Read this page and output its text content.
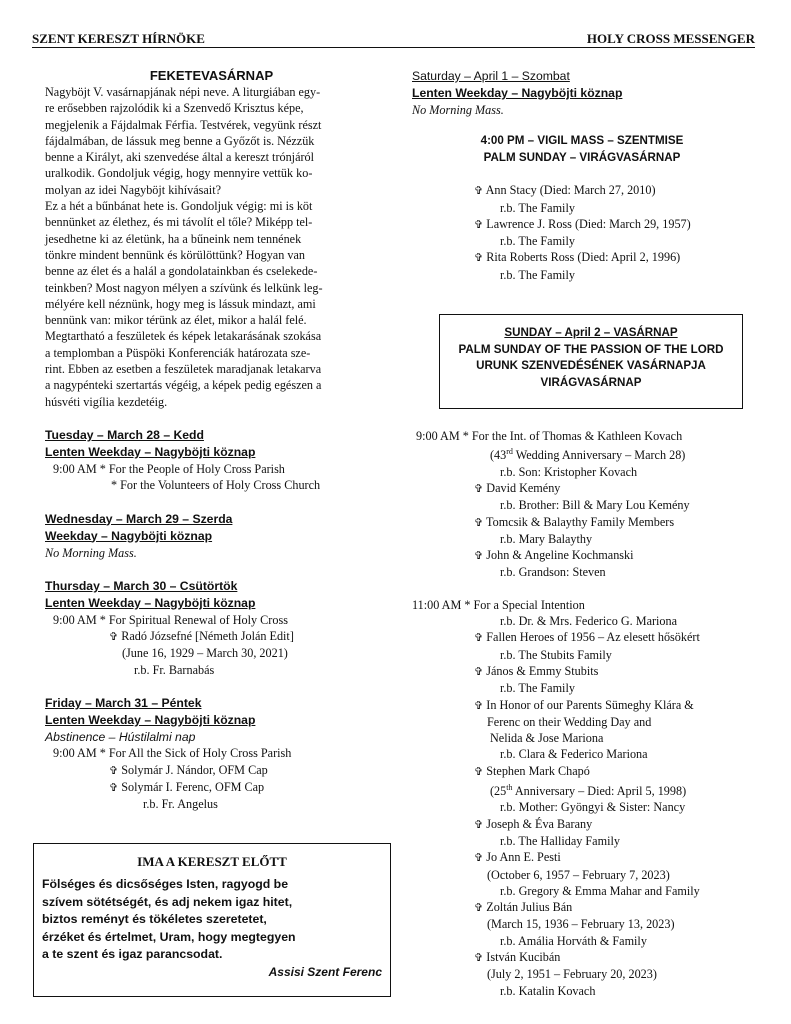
SZENT KERESZT HÍRNÖKE	HOLY CROSS MESSENGER
FEKETEVASÁRNAP
Nagyböjt V. vasárnapjának népi neve. A liturgiában egy-
re erősebben rajzolódik ki a Szenvedő Krisztus képe,
megjelenik a Fájdalmak Férfia. Testvérek, vegyünk részt
fájdalmában, de lássuk meg benne a Győzőt is. Nézzük
benne a Királyt, aki szenvedése által a kereszt trónjáról
uralkodik. Gondoljuk végig, hogy mennyire vettük ko-
molyan az idei Nagyböjt kihívásait?
Ez a hét a bűnbánat hete is. Gondoljuk végig: mi is köt
bennünket az élethez, és mi távolít el tőle? Miképp tel-
jesedhetne ki az életünk, ha a bűneink nem tennének
tönkre mindent bennünk és körülöttünk? Hogyan van
benne az élet és a halál a gondolatainkban és cselekede-
teinkben? Most nagyon mélyen a szívünk és lelkünk leg-
mélyére kell néznünk, hogy meg is lássuk mindazt, ami
bennünk van: mikor térünk az élet, mikor a halál felé.
Megtartható a feszületek és képek letakarásának szokása
a templomban a Püspöki Konferenciák határozata sze-
rint. Ebben az esetben a feszületek maradjanak letakarva
a nagypénteki szertartás végéig, a képek pedig egészen a
húsvéti vigília kezdetéig.
Tuesday – March 28 – Kedd
Lenten Weekday – Nagyböjti köznap
9:00 AM * For the People of Holy Cross Parish
* For the Volunteers of Holy Cross Church
Wednesday – March 29 – Szerda
Weekday – Nagyböjti köznap
No Morning Mass.
Thursday – March 30 – Csütörtök
Lenten Weekday – Nagyböjti köznap
9:00 AM * For Spiritual Renewal of Holy Cross
✞ Radó Józsefné [Németh Jolán Edit]
(June 16, 1929 – March 30, 2021)
r.b. Fr. Barnabás
Friday – March 31 – Péntek
Lenten Weekday – Nagyböjti köznap
Abstinence – Hústilalmi nap
9:00 AM * For All the Sick of Holy Cross Parish
✞ Solymár J. Nándor, OFM Cap
✞ Solymár I. Ferenc, OFM Cap
r.b. Fr. Angelus
IMA A KERESZT ELŐTT
Fölséges és dicsőséges Isten, ragyogd be
szívem sötétségét, és adj nekem igaz hitet,
biztos reményt és tökéletes szeretetet,
érzéket és értelmet, Uram, hogy megtegyen
a te szent és igaz parancsodat.
Assisi Szent Ferenc
Saturday – April 1 – Szombat
Lenten Weekday – Nagyböjti köznap
No Morning Mass.
4:00 PM – VIGIL MASS – SZENTMISE
PALM SUNDAY – VIRÁGVASÁRNAP
✞ Ann Stacy (Died: March 27, 2010)
r.b. The Family
✞ Lawrence J. Ross (Died: March 29, 1957)
r.b. The Family
✞ Rita Roberts Ross (Died: April 2, 1996)
r.b. The Family
SUNDAY – April 2 – VASÁRNAP
PALM SUNDAY OF THE PASSION OF THE LORD
URUNK SZENVEDÉSÉNEK VASÁRNAPJA
VIRÁGVASÁRNAP
9:00 AM * For the Int. of Thomas & Kathleen Kovach
(43rd Wedding Anniversary – March 28)
r.b. Son: Kristopher Kovach
✞ David Kemény
r.b. Brother: Bill & Mary Lou Kemény
✞ Tomcsik & Balaythy Family Members
r.b. Mary Balaythy
✞ John & Angeline Kochmanski
r.b. Grandson: Steven
11:00 AM * For a Special Intention
r.b. Dr. & Mrs. Federico G. Mariona
✞ Fallen Heroes of 1956 – Az elesett hősökért
r.b. The Stubits Family
✞ János & Emmy Stubits
r.b. The Family
✞ In Honor of our Parents Sümeghy Klára &
Ferenc on their Wedding Day and
Nelida & Jose Mariona
r.b. Clara & Federico Mariona
✞ Stephen Mark Chapó
(25th Anniversary – Died: April 5, 1998)
r.b. Mother: Gyöngyi & Sister: Nancy
✞ Joseph & Éva Barany
r.b. The Halliday Family
✞ Jo Ann E. Pesti
(October 6, 1957 – February 7, 2023)
r.b. Gregory & Emma Mahar and Family
✞ Zoltán Julius Bán
(March 15, 1936 – February 13, 2023)
r.b. Amália Horváth & Family
✞ István Kucibán
(July 2, 1951 – February 20, 2023)
r.b. Katalin Kovach
